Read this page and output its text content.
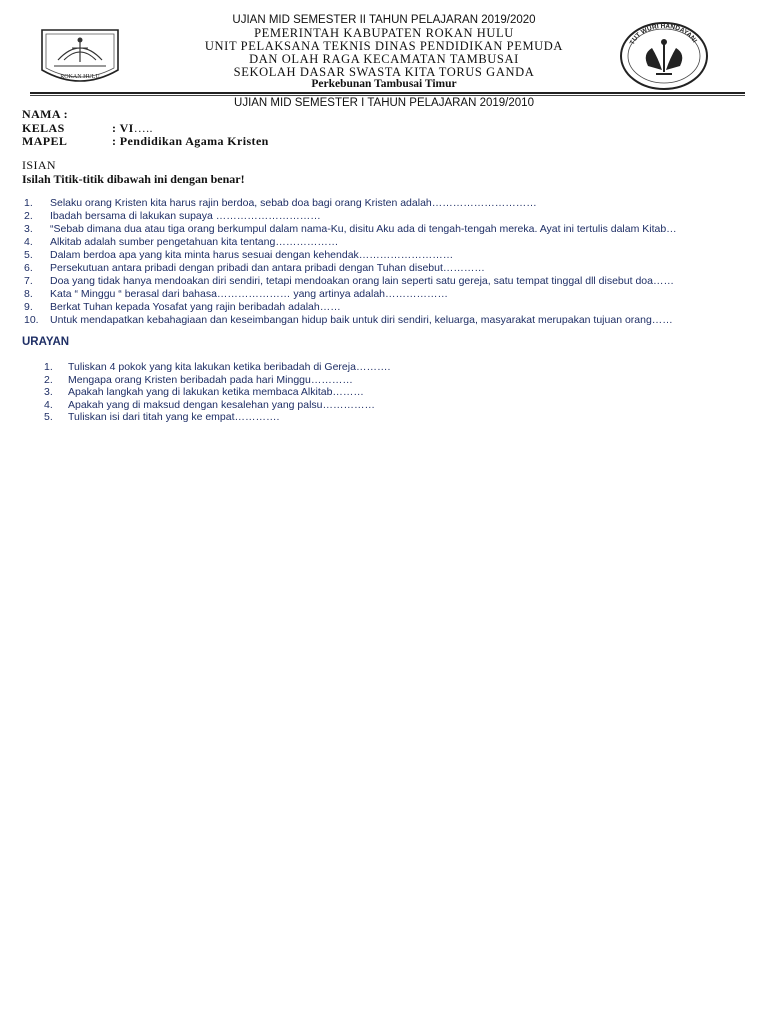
ROKAN HULU
TUT WURI HANDAYANI
UJIAN MID SEMESTER II TAHUN PELAJARAN 2019/2020
PEMERINTAH KABUPATEN ROKAN HULU
UNIT PELAKSANA TEKNIS DINAS PENDIDIKAN PEMUDA
DAN OLAH RAGA KECAMATAN TAMBUSAI
SEKOLAH DASAR SWASTA KITA TORUS GANDA
Perkebunan Tambusai Timur
UJIAN MID SEMESTER I TAHUN PELAJARAN 2019/2010
NAMA :
KELAS	: VI…..
MAPEL	: Pendidikan Agama Kristen
ISIAN
Isilah Titik-titik dibawah ini dengan benar!
1. Selaku orang Kristen kita harus rajin berdoa, sebab doa bagi orang Kristen adalah…………………………
2. Ibadah bersama di lakukan supaya …………………………
3. “Sebab dimana dua atau tiga orang berkumpul dalam nama-Ku, disitu Aku ada di tengah-tengah mereka. Ayat ini tertulis dalam Kitab…
4. Alkitab adalah sumber pengetahuan kita tentang………………
5. Dalam berdoa apa yang kita minta harus sesuai dengan kehendak………………………
6. Persekutuan antara pribadi dengan pribadi dan antara pribadi dengan Tuhan disebut…………
7. Doa yang tidak hanya mendoakan diri sendiri, tetapi mendoakan orang lain seperti satu gereja, satu tempat tinggal dll disebut doa……
8. Kata “ Minggu “ berasal dari bahasa………………… yang artinya adalah………………
9. Berkat Tuhan kepada Yosafat yang rajin beribadah adalah……
10. Untuk mendapatkan kebahagiaan dan keseimbangan hidup baik untuk diri sendiri, keluarga, masyarakat merupakan tujuan orang……
URAYAN
1. Tuliskan 4 pokok yang kita lakukan ketika beribadah di Gereja……….
2. Mengapa orang Kristen beribadah pada hari Minggu…………
3. Apakah langkah yang di lakukan ketika membaca Alkitab………
4. Apakah yang di maksud dengan kesalehan yang palsu……………
5. Tuliskan isi dari titah yang ke empat………….
